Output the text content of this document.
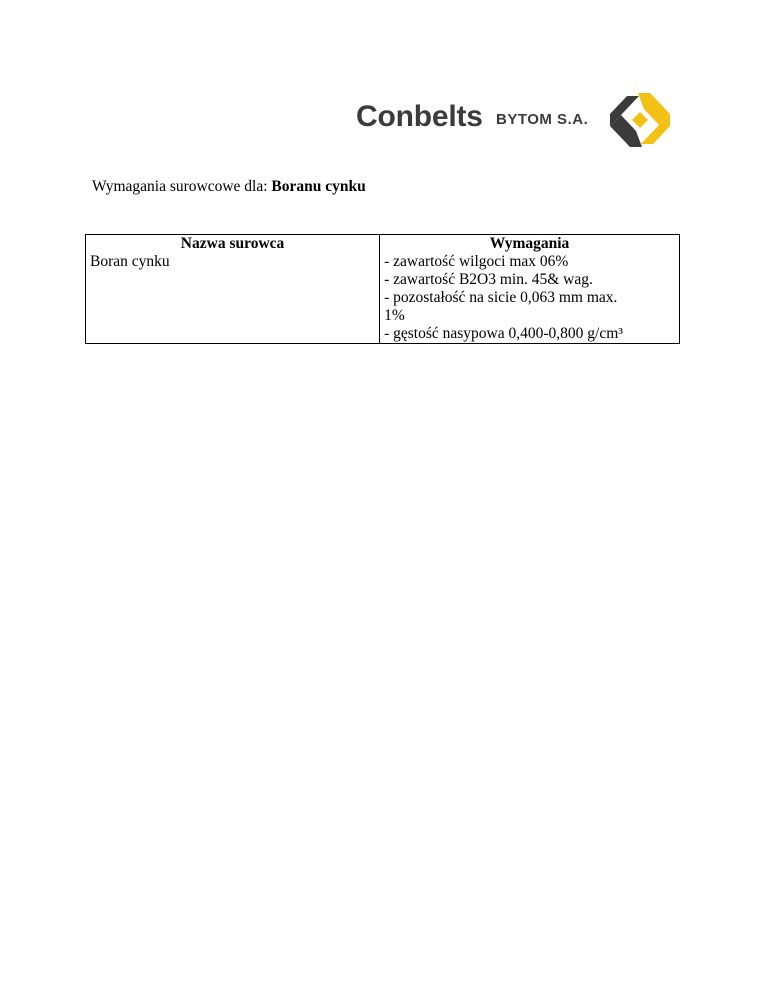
Conbelts BYTOM S.A.
Wymagania surowcowe dla: Boranu cynku
Nazwa surowca	Wymagania
Boran cynku	- zawartość wilgoci max 06%
- zawartość B2O3 min. 45& wag.
- pozostałość na sicie 0,063 mm max.
1%
- gęstość nasypowa 0,400-0,800 g/cm³
